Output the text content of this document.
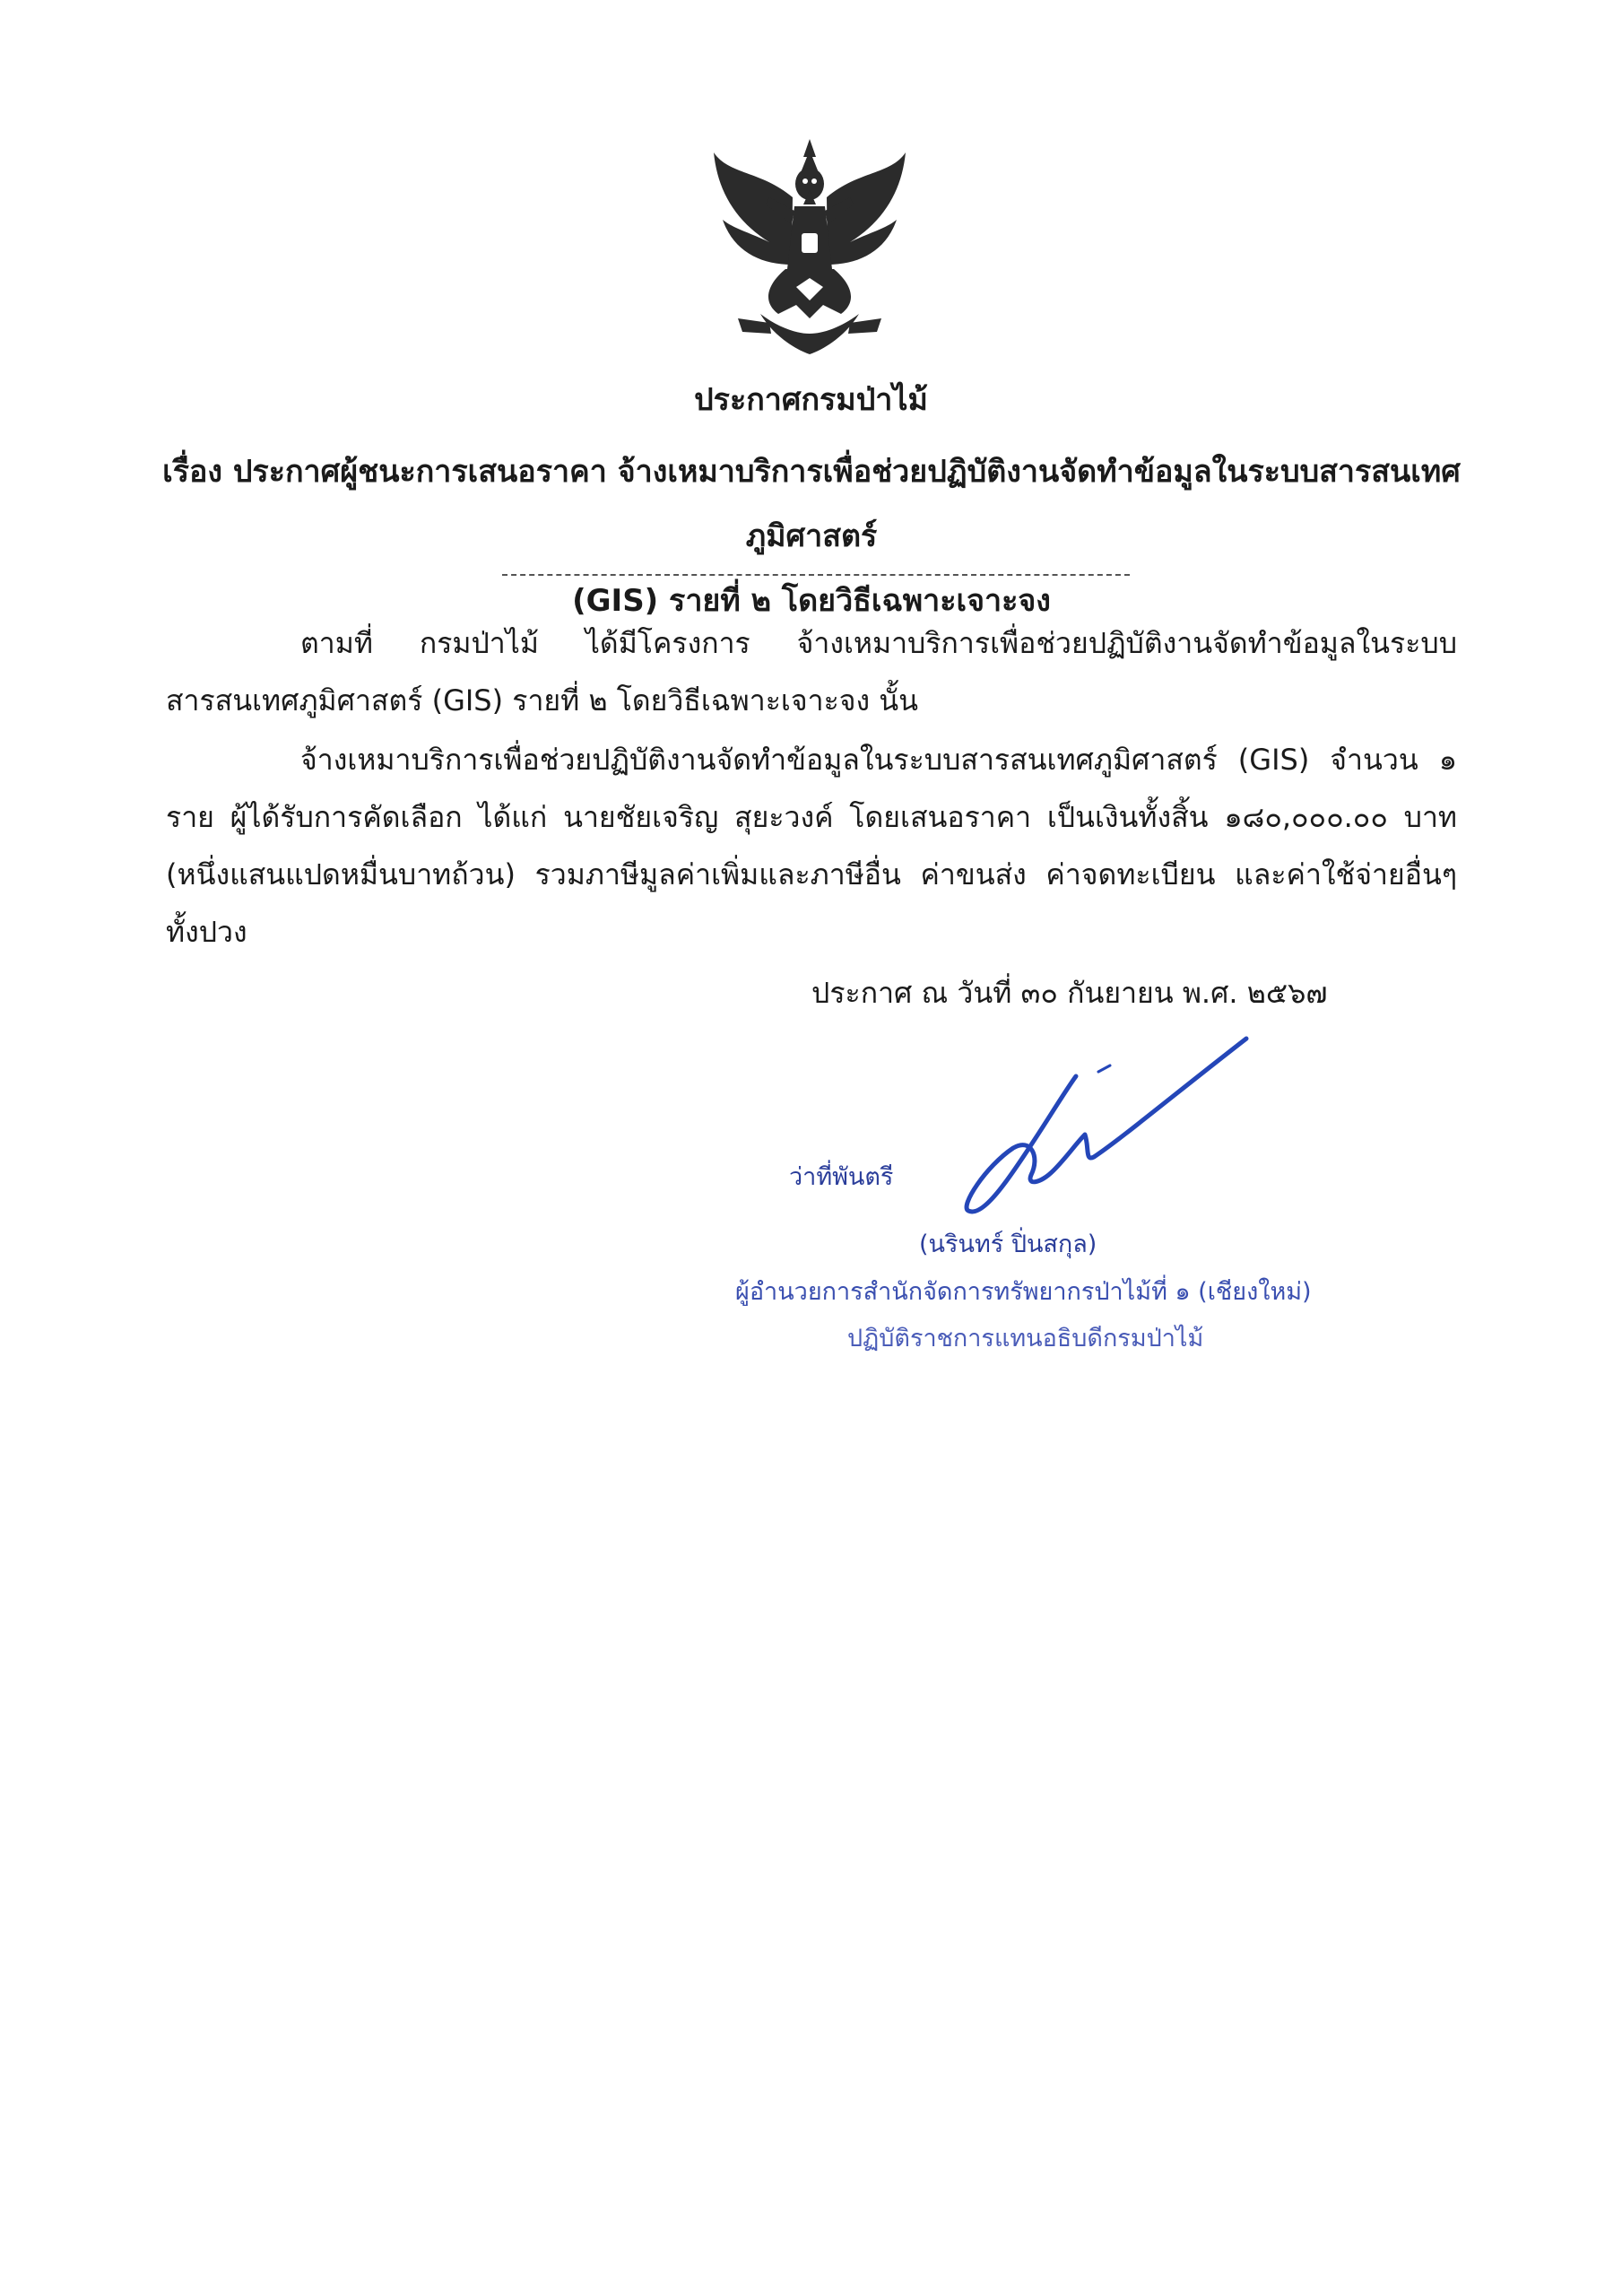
ประกาศกรมป่าไม้
เรื่อง ประกาศผู้ชนะการเสนอราคา จ้างเหมาบริการเพื่อช่วยปฏิบัติงานจัดทำข้อมูลในระบบสารสนเทศภูมิศาสตร์
(GIS) รายที่ ๒ โดยวิธีเฉพาะเจาะจง
ตามที่ กรมป่าไม้ ได้มีโครงการ จ้างเหมาบริการเพื่อช่วยปฏิบัติงานจัดทำข้อมูลในระบบสารสนเทศภูมิศาสตร์ (GIS) รายที่ ๒ โดยวิธีเฉพาะเจาะจง นั้น
จ้างเหมาบริการเพื่อช่วยปฏิบัติงานจัดทำข้อมูลในระบบสารสนเทศภูมิศาสตร์ (GIS) จำนวน ๑ ราย ผู้ได้รับการคัดเลือก ได้แก่ นายชัยเจริญ สุยะวงค์ โดยเสนอราคา เป็นเงินทั้งสิ้น ๑๘๐,๐๐๐.๐๐ บาท (หนึ่งแสนแปดหมื่นบาทถ้วน) รวมภาษีมูลค่าเพิ่มและภาษีอื่น ค่าขนส่ง ค่าจดทะเบียน และค่าใช้จ่ายอื่นๆ ทั้งปวง
ประกาศ ณ วันที่ ๓๐ กันยายน พ.ศ. ๒๕๖๗
ว่าที่พันตรี
(นรินทร์ ปิ่นสกุล)
ผู้อำนวยการสำนักจัดการทรัพยากรป่าไม้ที่ ๑ (เชียงใหม่)
ปฏิบัติราชการแทนอธิบดีกรมป่าไม้
